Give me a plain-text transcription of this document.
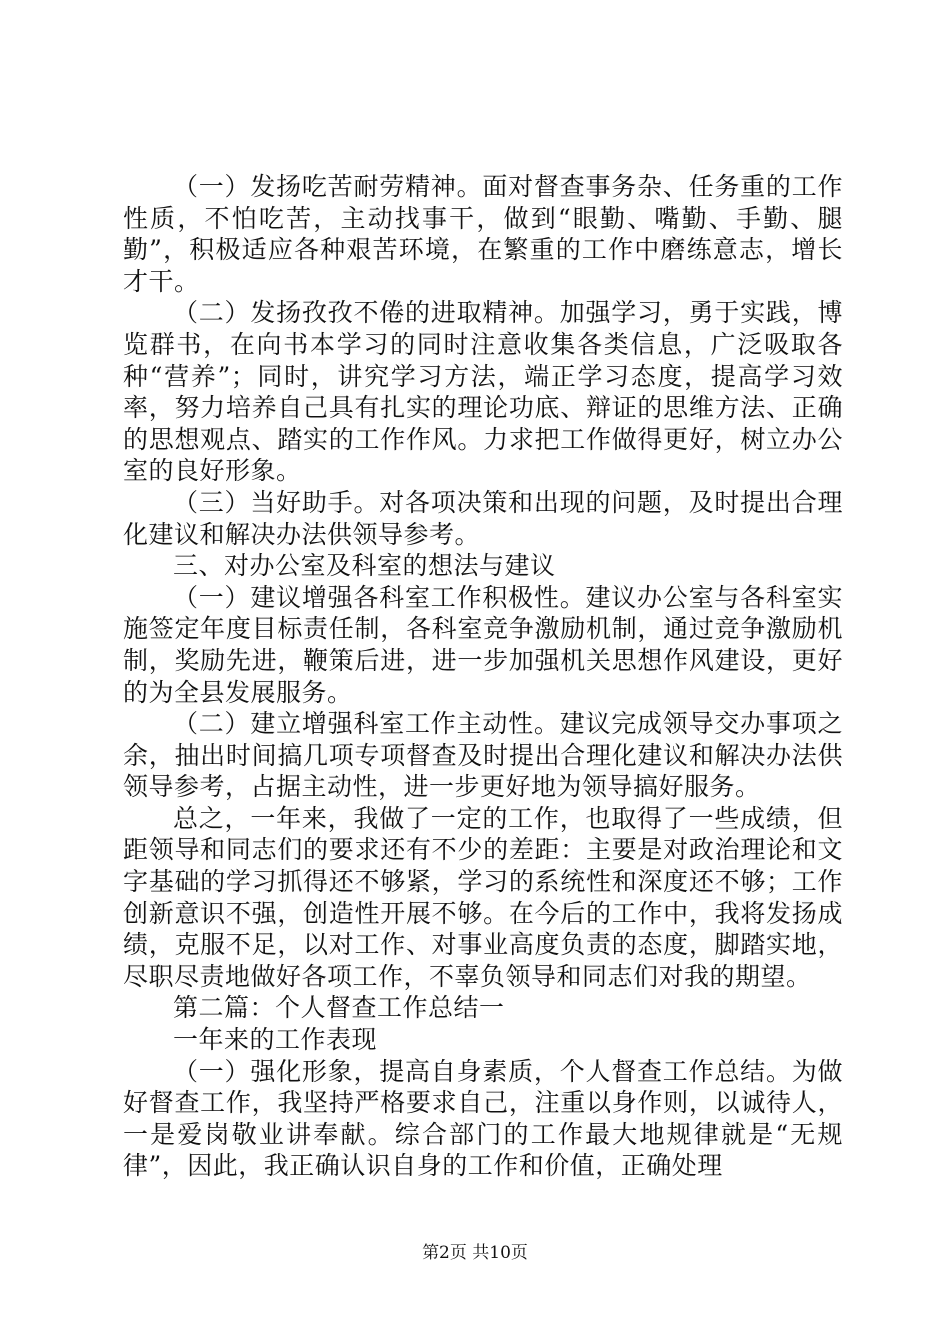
（一）发扬吃苦耐劳精神。面对督查事务杂、任务重的工作性质，不怕吃苦，主动找事干，做到“眼勤、嘴勤、手勤、腿勤”，积极适应各种艰苦环境，在繁重的工作中磨练意志，增长才干。

（二）发扬孜孜不倦的进取精神。加强学习，勇于实践，博览群书，在向书本学习的同时注意收集各类信息，广泛吸取各种“营养”；同时，讲究学习方法，端正学习态度，提高学习效率，努力培养自己具有扎实的理论功底、辩证的思维方法、正确的思想观点、踏实的工作作风。力求把工作做得更好，树立办公室的良好形象。

（三）当好助手。对各项决策和出现的问题，及时提出合理化建议和解决办法供领导参考。

三、对办公室及科室的想法与建议

（一）建议增强各科室工作积极性。建议办公室与各科室实施签定年度目标责任制，各科室竞争激励机制，通过竞争激励机制，奖励先进，鞭策后进，进一步加强机关思想作风建设，更好的为全县发展服务。

（二）建立增强科室工作主动性。建议完成领导交办事项之余，抽出时间搞几项专项督查及时提出合理化建议和解决办法供领导参考，占据主动性，进一步更好地为领导搞好服务。

总之，一年来，我做了一定的工作，也取得了一些成绩，但距领导和同志们的要求还有不少的差距：主要是对政治理论和文字基础的学习抓得还不够紧，学习的系统性和深度还不够；工作创新意识不强，创造性开展不够。在今后的工作中，我将发扬成绩，克服不足，以对工作、对事业高度负责的态度，脚踏实地，尽职尽责地做好各项工作，不辜负领导和同志们对我的期望。

第二篇：个人督查工作总结一

一年来的工作表现

（一）强化形象，提高自身素质，个人督查工作总结。为做好督查工作，我坚持严格要求自己，注重以身作则，以诚待人，一是爱岗敬业讲奉献。综合部门的工作最大地规律就是“无规律”，因此，我正确认识自身的工作和价值，正确处理

第2页 共10页
